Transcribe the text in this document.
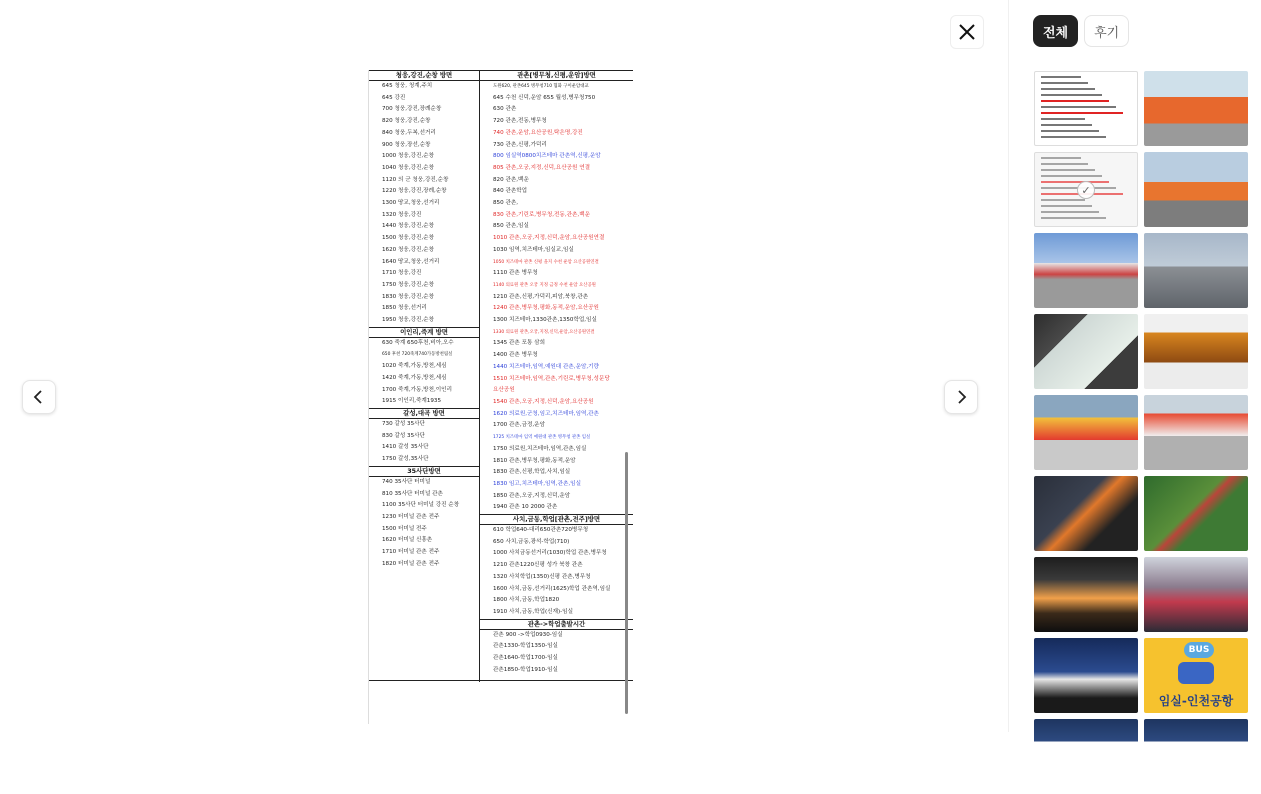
청웅,강진,순창 방면
645 청웅, 청계,주치
645 강진
700 청웅,강진,장례순창
820 청웅,강진,순창
840 청웅,두복,선거리
900 청웅,장선,순창
1000 청웅,강진,순창
1040 청웅,강진,순창
1120 의 군 청웅,강진,순창
1220 청웅,강진,장례,순창
1300 땅교,청웅,선거리
1320 청웅,강진
1440 청웅,강진,순창
1500 청웅,강진,순창
1620 청웅,강진,순창
1640 땅교,청웅,선거리
1710 청웅,강진
1750 청웅,강진,순창
1830 청웅,강진,순창
1850 청웅,선거리
1950 청웅,강진,순창
이인리,죽계 방면
630 죽계 650후천,비아,오수
650 후천 720죽계740가동방천림실
1020 죽계,가동,방천,세심
1420 죽계,가동,방천,세심
1700 죽계,가동,방천,이인리
1915 이인리,죽계1935
갈성,대곡 방면
730 갈성 35사단
830 갈성 35사단
1410 갈성 35사단
1750 갈성,35사단
35사단방면
740 35사단 터미널
810 35사단 터미널 관촌
1100 35사단 터미널 강진 순창
1230 터미널 관촌 전주
1500 터미널 전주
1620 터미널 신흥촌
1710 터미널 관촌 전주
1820 터미널 관촌 전주
관촌[병무청,신평,운암]방면
도원620, 관촌645 병무청710 협화 구이운암대교
645 수천 신덕,운암 655 월성,병무청750
630 관촌
720 관촌,전동,병무청
740 관촌,운암,요산공원,탁은명,강진
730 관촌,신평,가덕리
800 임실역0800치즈테마 관촌역,신평,운암
805 관촌,오궁,지정,신덕,요산공원 연결
820 관촌,백운
840 관촌학업
850 관촌,
830 관촌,기린로,병무청,전동,관촌,백운
850 관촌,임실
1010 관촌,오궁,지정,신덕,운암,요산공원연결
1030 임역,치즈테마,임실교,임실
1050 치즈테마 관촌 신평 을지 수천 운암 요산공원연결
1110 관촌 병무청
1140 의료원 관촌 오궁 지정 금정 수천 운암 요산공원
1210 관촌,신평,가덕리,피암,북창,관촌
1240 관촌,병무청,평화,동적,운암,요산공원
1300 치즈테마,1330관촌,1350학업,임실
1330 의료원 관촌,오궁,지정,신덕,운암,요산공원연결
1345 관촌 포통 삼희
1400 관촌 병무청
1440 치즈테마,임역,예원대 관촌,운암,기량
1510 치즈테마,임역,관촌,기린로,병무청,성문당
요산공원
1540 관촌,오궁,지정,신덕,운암,요산공원
1620 의료원,군청,임고,치즈테마,임역,관촌
1700 관촌,금정,운암
1725 치즈테마 임역 예원대 관촌 병무청 관촌 임실
1750 의료원,치즈테마,임역,관촌,임실
1810 관촌,병무청,평화,동적,운암
1830 관촌,신평,학업,사치,임실
1830 임고,치즈테마,임역,관촌,임실
1850 관촌,오궁,지정,신덕,운암
1940 관촌 10 2000 관촌
사치,금동,학업[관촌,전주]방면
610 학업640-대리650관촌720병무청
650 사치,금동,광석-학업(710)
1000 사치금동선거리(1030)학업 관촌,병무청
1210 관촌1220신평 성가 북창 관촌
1320 사치학업(1350)신평 관촌,병무청
1600 사치,금동,선거리(1625)학업 관촌역,임실
1800 사치,금동,학업1820
1910 사치,금동,학업(신재)-임실
관촌->학업출발시간
관촌 900 ->학업0930-임실
관촌1330-학업1350-임실
관촌1640-학업1700-임실
관촌1850-학업1910-임실
전체	후기
✓
BUS
임실-인천공항
